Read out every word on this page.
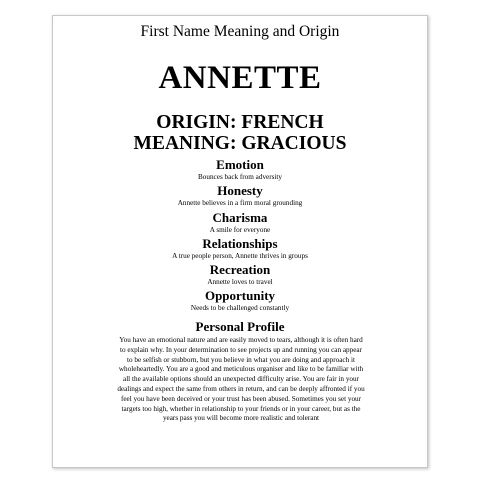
First Name Meaning and Origin
ANNETTE
ORIGIN: FRENCH
MEANING: GRACIOUS
Emotion
Bounces back from adversity
Honesty
Annette believes in a firm moral grounding
Charisma
A smile for everyone
Relationships
A true people person, Annette thrives in groups
Recreation
Annette loves to travel
Opportunity
Needs to be challenged constantly
Personal Profile
You have an emotional nature and are easily moved to tears, although it is often hard to explain why. In your determination to see projects up and running you can appear to be selfish or stubborn, but you believe in what you are doing and approach it wholeheartedly. You are a good and meticulous organiser and like to be familiar with all the available options should an unexpected difficulty arise. You are fair in your dealings and expect the same from others in return, and can be deeply affronted if you feel you have been deceived or your trust has been abused. Sometimes you set your targets too high, whether in relationship to your friends or in your career, but as the years pass you will become more realistic and tolerant
